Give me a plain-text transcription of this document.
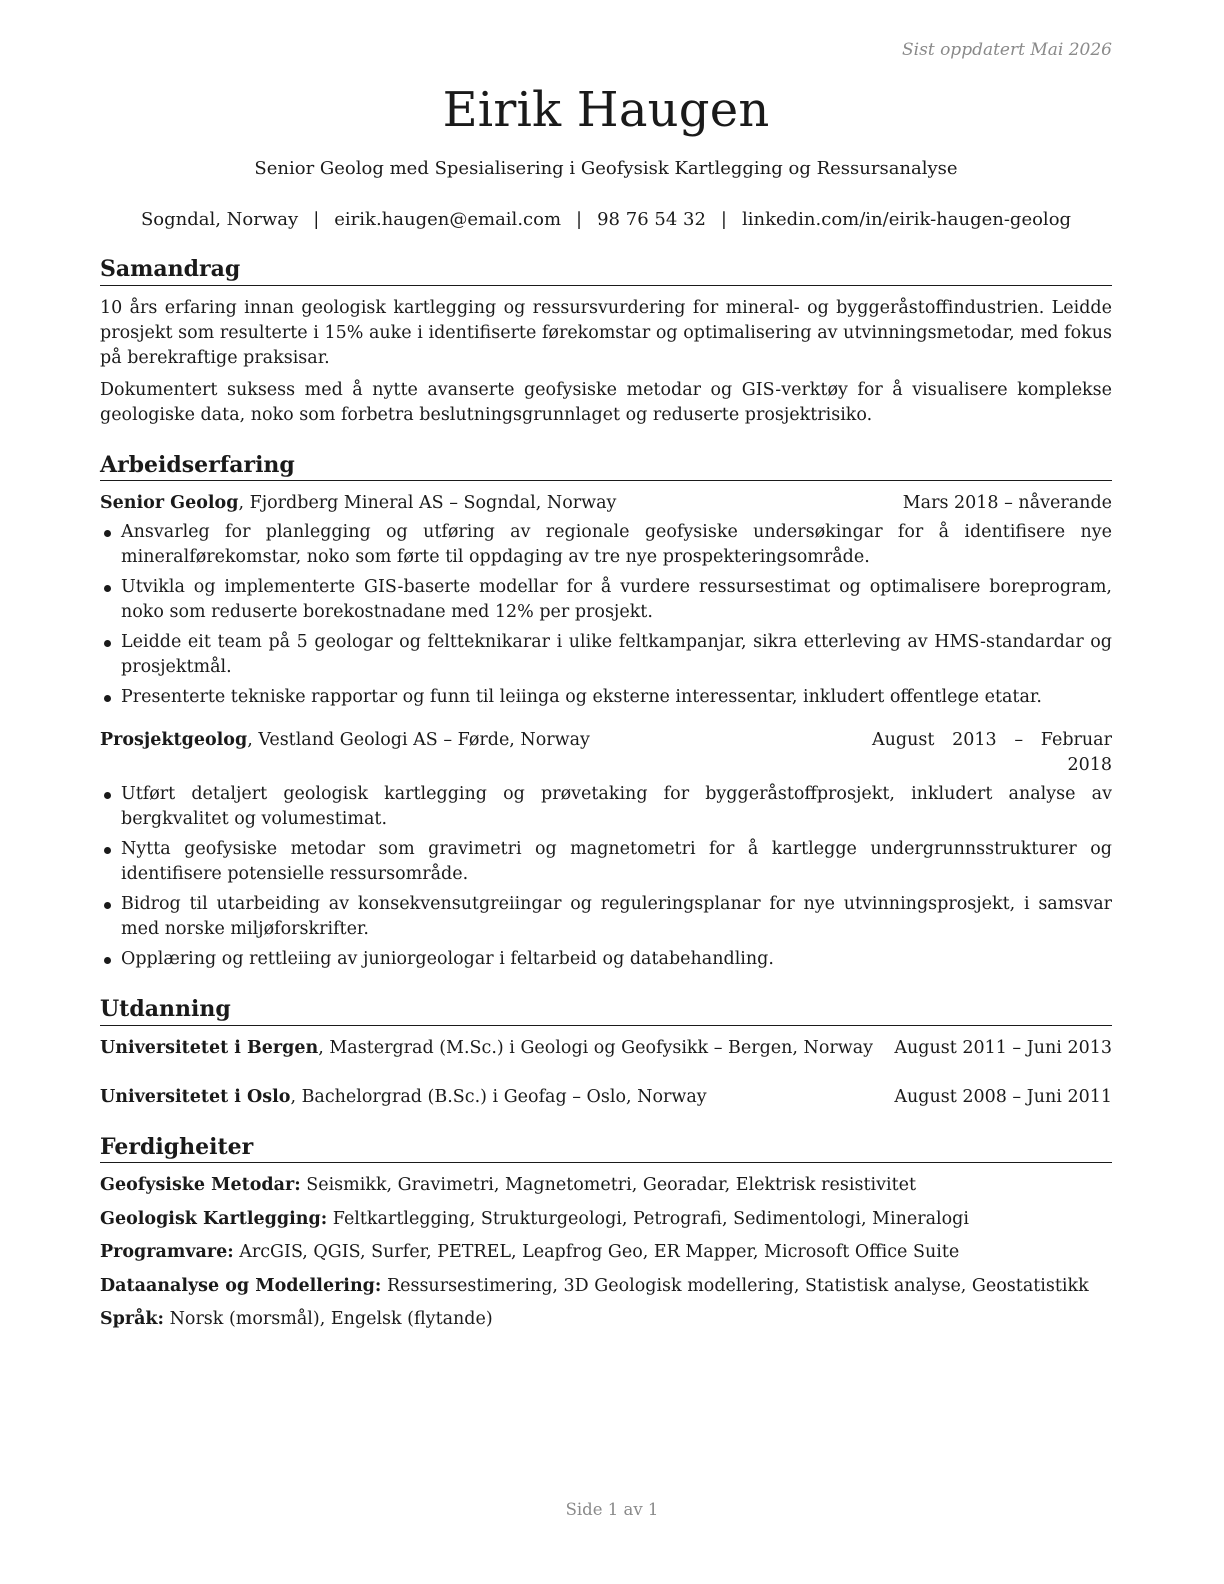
Sist oppdatert Mai 2026

Eirik Haugen

Senior Geolog med Spesialisering i Geofysisk Kartlegging og Ressursanalyse

Sogndal, Norway | eirik.haugen@email.com | 98 76 54 32 | linkedin.com/in/eirik-haugen-geolog

Samandrag

10 års erfaring innan geologisk kartlegging og ressursvurdering for mineral- og byggeråstoffindustrien. Leidde prosjekt som resulterte i 15% auke i identifiserte førekomstar og optimalisering av utvinningsmetodar, med fokus på berekraftige praksisar.

Dokumentert suksess med å nytte avanserte geofysiske metodar og GIS-verktøy for å visualisere komplekse geologiske data, noko som forbetra beslutningsgrunnlaget og reduserte prosjektrisiko.

Arbeidserfaring
Senior Geolog, Fjordberg Mineral AS – Sogndal, Norway	Mars 2018 – nåverande
Ansvarleg for planlegging og utføring av regionale geofysiske undersøkingar for å identifisere nye mineralførekomstar, noko som førte til oppdaging av tre nye prospekteringsområde.
Utvikla og implementerte GIS-baserte modellar for å vurdere ressursestimat og optimalisere boreprogram, noko som reduserte borekostnadane med 12% per prosjekt.
Leidde eit team på 5 geologar og feltteknikarar i ulike feltkampanjar, sikra etterleving av HMS-standardar og prosjektmål.
Presenterte tekniske rapportar og funn til leiinga og eksterne interessentar, inkludert offentlege etatar.
Prosjektgeolog, Vestland Geologi AS – Førde, Norway	August 2013 – Februar 2018
Utført detaljert geologisk kartlegging og prøvetaking for byggeråstoffprosjekt, inkludert analyse av bergkvalitet og volumestimat.
Nytta geofysiske metodar som gravimetri og magnetometri for å kartlegge undergrunnsstrukturer og identifisere potensielle ressursområde.
Bidrog til utarbeiding av konsekvensutgreiingar og reguleringsplanar for nye utvinningsprosjekt, i samsvar med norske miljøforskrifter.
Opplæring og rettleiing av juniorgeologar i feltarbeid og databehandling.
Utdanning
Universitetet i Bergen, Mastergrad (M.Sc.) i Geologi og Geofysikk – Bergen, Norway August 2011 – Juni 2013
Universitetet i Oslo, Bachelorgrad (B.Sc.) i Geofag – Oslo, Norway	August 2008 – Juni 2011
Ferdigheiter
Geofysiske Metodar: Seismikk, Gravimetri, Magnetometri, Georadar, Elektrisk resistivitet
Geologisk Kartlegging: Feltkartlegging, Strukturgeologi, Petrografi, Sedimentologi, Mineralogi
Programvare: ArcGIS, QGIS, Surfer, PETREL, Leapfrog Geo, ER Mapper, Microsoft Office Suite
Dataanalyse og Modellering: Ressursestimering, 3D Geologisk modellering, Statistisk analyse, Geostatistikk
Språk: Norsk (morsmål), Engelsk (flytande)
Side 1 av 1
